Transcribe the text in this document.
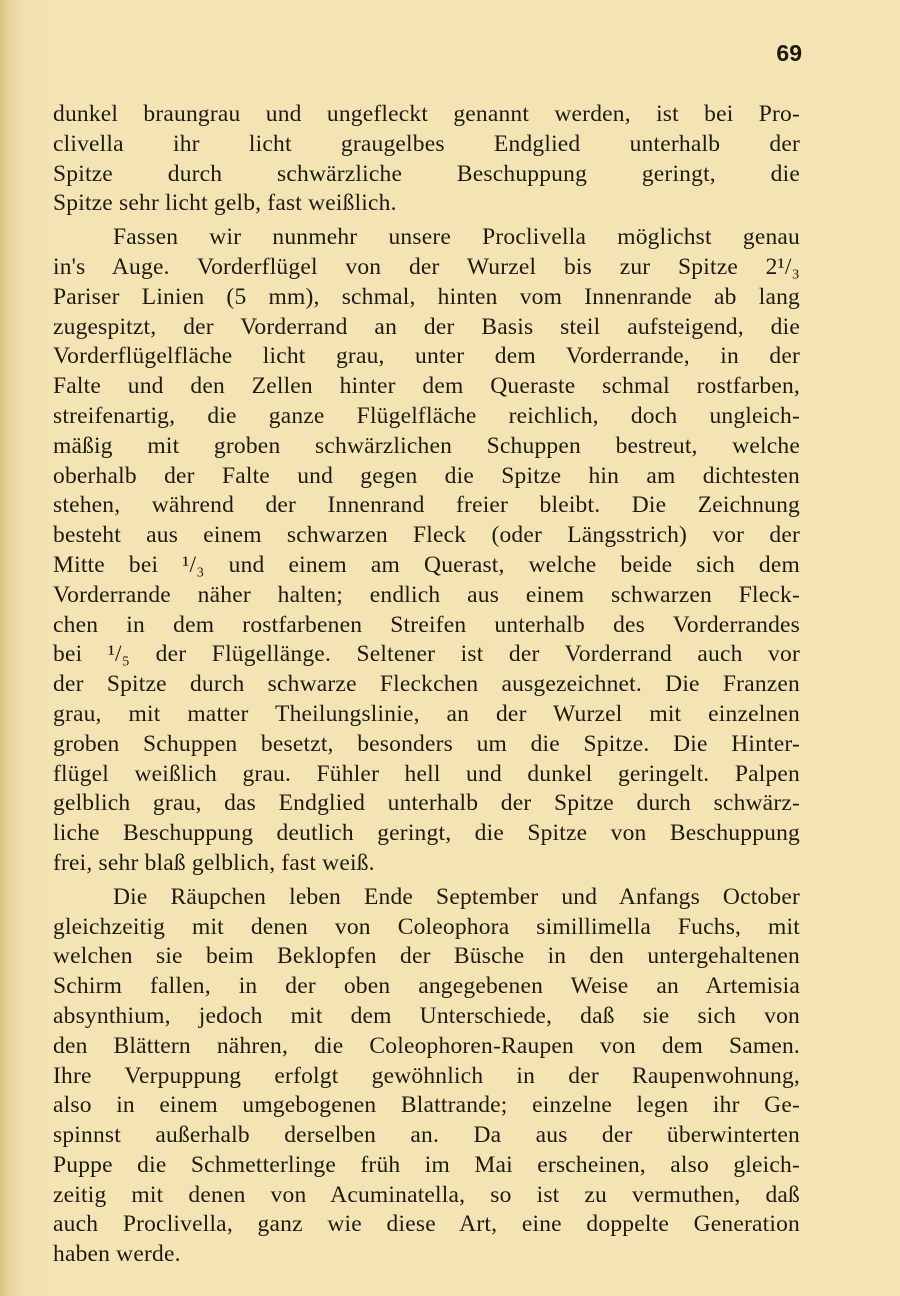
69
dunkel braungrau und ungefleckt genannt werden, ist bei Pro-
clivella ihr licht graugelbes Endglied unterhalb der
Spitze durch schwärzliche Beschuppung geringt, die
Spitze sehr licht gelb, fast weißlich.
Fassen wir nunmehr unsere Proclivella möglichst genau
in's Auge. Vorderflügel von der Wurzel bis zur Spitze 2¹/₃
Pariser Linien (5 mm), schmal, hinten vom Innenrande ab lang
zugespitzt, der Vorderrand an der Basis steil aufsteigend, die
Vorderflügelfläche licht grau, unter dem Vorderrande, in der
Falte und den Zellen hinter dem Queraste schmal rostfarben,
streifenartig, die ganze Flügelfläche reichlich, doch ungleich-
mäßig mit groben schwärzlichen Schuppen bestreut, welche
oberhalb der Falte und gegen die Spitze hin am dichtesten
stehen, während der Innenrand freier bleibt. Die Zeichnung
besteht aus einem schwarzen Fleck (oder Längsstrich) vor der
Mitte bei ¹/₃ und einem am Querast, welche beide sich dem
Vorderrande näher halten; endlich aus einem schwarzen Fleck-
chen in dem rostfarbenen Streifen unterhalb des Vorderrandes
bei ¹/₅ der Flügellänge. Seltener ist der Vorderrand auch vor
der Spitze durch schwarze Fleckchen ausgezeichnet. Die Franzen
grau, mit matter Theilungslinie, an der Wurzel mit einzelnen
groben Schuppen besetzt, besonders um die Spitze. Die Hinter-
flügel weißlich grau. Fühler hell und dunkel geringelt. Palpen
gelblich grau, das Endglied unterhalb der Spitze durch schwärz-
liche Beschuppung deutlich geringt, die Spitze von Beschuppung
frei, sehr blaß gelblich, fast weiß.
Die Räupchen leben Ende September und Anfangs October
gleichzeitig mit denen von Coleophora simillimella Fuchs, mit
welchen sie beim Beklopfen der Büsche in den untergehaltenen
Schirm fallen, in der oben angegebenen Weise an Artemisia
absynthium, jedoch mit dem Unterschiede, daß sie sich von
den Blättern nähren, die Coleophoren-Raupen von dem Samen.
Ihre Verpuppung erfolgt gewöhnlich in der Raupenwohnung,
also in einem umgebogenen Blattrande; einzelne legen ihr Ge-
spinnst außerhalb derselben an. Da aus der überwinterten
Puppe die Schmetterlinge früh im Mai erscheinen, also gleich-
zeitig mit denen von Acuminatella, so ist zu vermuthen, daß
auch Proclivella, ganz wie diese Art, eine doppelte Generation
haben werde.
